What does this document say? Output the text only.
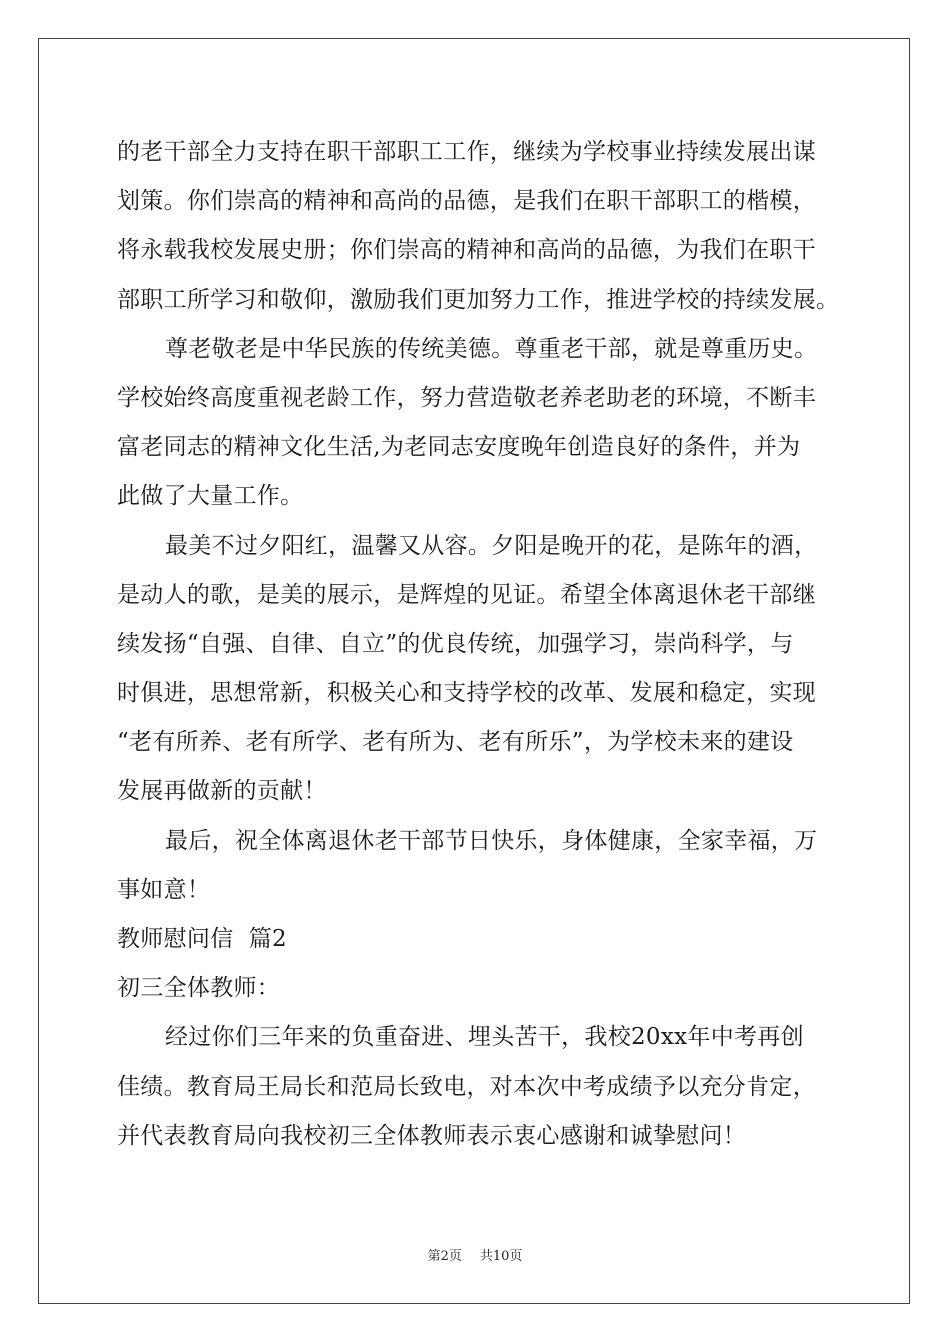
的老干部全力支持在职干部职工工作，继续为学校事业持续发展出谋
划策。你们崇高的精神和高尚的品德，是我们在职干部职工的楷模，
将永载我校发展史册；你们崇高的精神和高尚的品德，为我们在职干
部职工所学习和敬仰，激励我们更加努力工作，推进学校的持续发展。
尊老敬老是中华民族的传统美德。尊重老干部，就是尊重历史。
学校始终高度重视老龄工作，努力营造敬老养老助老的环境，不断丰
富老同志的精神文化生活,为老同志安度晚年创造良好的条件，并为
此做了大量工作。
最美不过夕阳红，温馨又从容。夕阳是晚开的花，是陈年的酒，
是动人的歌，是美的展示，是辉煌的见证。希望全体离退休老干部继
续发扬“自强、自律、自立”的优良传统，加强学习，崇尚科学，与
时俱进，思想常新，积极关心和支持学校的改革、发展和稳定，实现
“老有所养、老有所学、老有所为、老有所乐”，为学校未来的建设
发展再做新的贡献！
最后，祝全体离退休老干部节日快乐，身体健康，全家幸福，万
事如意！
教师慰问信  篇2
初三全体教师：
经过你们三年来的负重奋进、埋头苦干，我校20xx年中考再创
佳绩。教育局王局长和范局长致电，对本次中考成绩予以充分肯定，
并代表教育局向我校初三全体教师表示衷心感谢和诚挚慰问！
第2页 共10页
